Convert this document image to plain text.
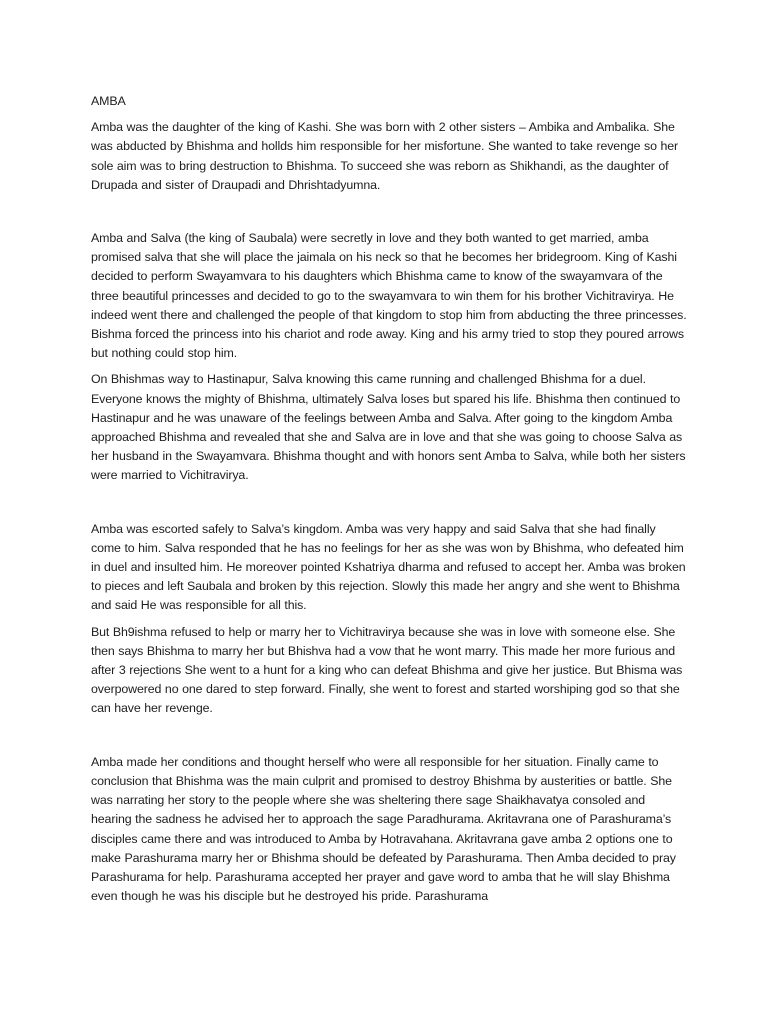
AMBA

Amba was the daughter of the king of Kashi. She was born with 2 other sisters – Ambika and Ambalika. She was abducted by Bhishma and hollds him responsible for her misfortune. She wanted to take revenge so her sole aim was to bring destruction to Bhishma. To succeed she was reborn as Shikhandi, as the daughter of Drupada and sister of Draupadi and Dhrishtadyumna.

Amba and Salva (the king of Saubala) were secretly in love and they both wanted to get married, amba promised salva that she will place the jaimala on his neck so that he becomes her bridegroom. King of Kashi decided to perform Swayamvara to his daughters which Bhishma came to know of the swayamvara of the three beautiful princesses and decided to go to the swayamvara to win them for his brother Vichitravirya. He indeed went there and challenged the people of that kingdom to stop him from abducting the three princesses. Bishma forced the princess into his chariot and rode away. King and his army tried to stop they poured arrows but nothing could stop him.

On Bhishmas way to Hastinapur, Salva knowing this came running and challenged Bhishma for a duel. Everyone knows the mighty of Bhishma, ultimately Salva loses but spared his life. Bhishma then continued to Hastinapur and he was unaware of the feelings between Amba and Salva. After going to the kingdom Amba approached Bhishma and revealed that she and Salva are in love and that she was going to choose Salva as her husband in the Swayamvara. Bhishma thought and with honors sent Amba to Salva, while both her sisters were married to Vichitravirya.

Amba was escorted safely to Salva’s kingdom. Amba was very happy and said Salva that she had finally come to him. Salva responded that he has no feelings for her as she was won by Bhishma, who defeated him in duel and insulted him. He moreover pointed Kshatriya dharma and refused to accept her. Amba was broken to pieces and left Saubala and broken by this rejection. Slowly this made her angry and she went to Bhishma and said He was responsible for all this.

But Bh9ishma refused to help or marry her to Vichitravirya because she was in love with someone else. She then says Bhishma to marry her but Bhishva had a vow that he wont marry. This made her more furious and after 3 rejections She went to a hunt for a king who can defeat Bhishma and give her justice. But Bhisma was overpowered no one dared to step forward. Finally, she went to forest and started worshiping god so that she can have her revenge.

Amba made her conditions and thought herself who were all responsible for her situation. Finally came to conclusion that Bhishma was the main culprit and promised to destroy Bhishma by austerities or battle. She was narrating her story to the people where she was sheltering there sage Shaikhavatya consoled and hearing the sadness he advised her to approach the sage Paradhurama. Akritavrana one of Parashurama’s disciples came there and was introduced to Amba by Hotravahana. Akritavrana gave amba 2 options one to make Parashurama marry her or Bhishma should be defeated by Parashurama. Then Amba decided to pray Parashurama for help. Parashurama accepted her prayer and gave word to amba that he will slay Bhishma even though he was his disciple but he destroyed his pride. Parashurama
